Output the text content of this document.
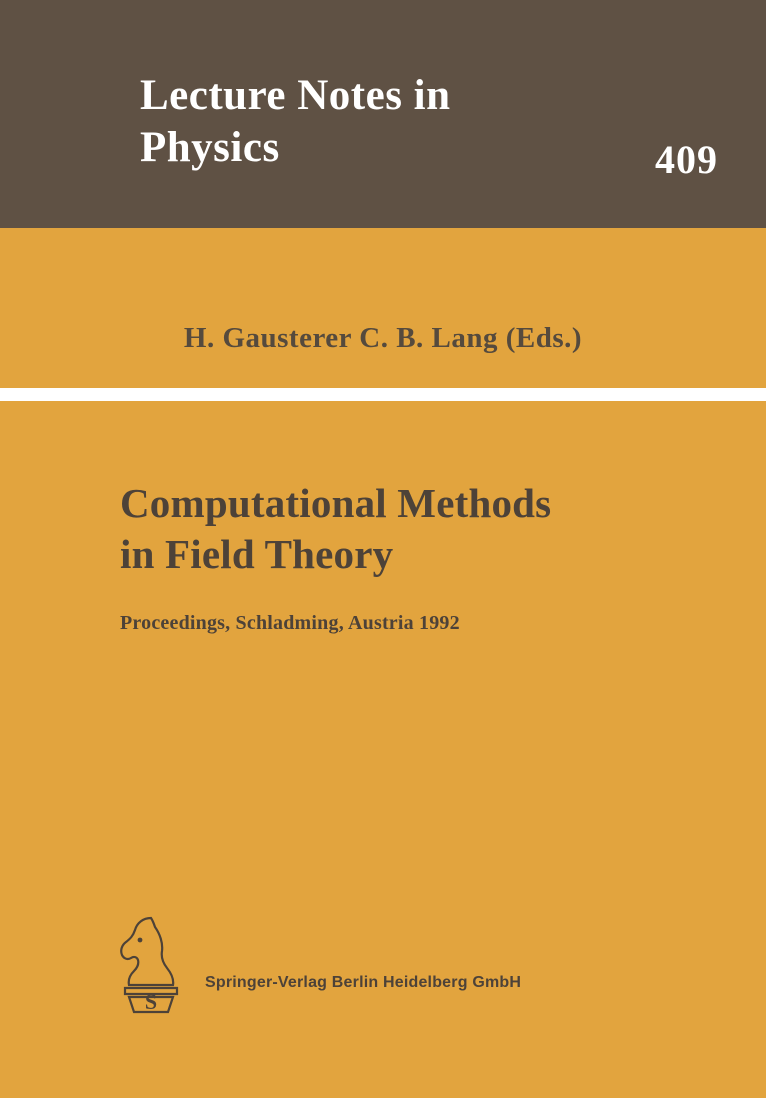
Lecture Notes in Physics	409
H. Gausterer C. B. Lang (Eds.)
Computational Methods
in Field Theory
Proceedings, Schladming, Austria 1992
S
Springer-Verlag Berlin Heidelberg GmbH
